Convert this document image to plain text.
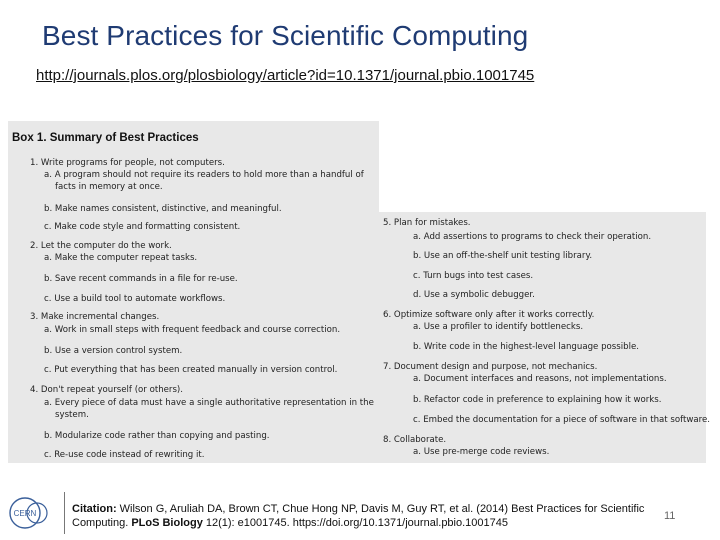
Best Practices for Scientific Computing
http://journals.plos.org/plosbiology/article?id=10.1371/journal.pbio.1001745
Box 1. Summary of Best Practices
1. Write programs for people, not computers.
a. A program should not require its readers to hold more than a handful of
facts in memory at once.
b. Make names consistent, distinctive, and meaningful.
c. Make code style and formatting consistent.
2. Let the computer do the work.
a. Make the computer repeat tasks.
b. Save recent commands in a file for re-use.
c. Use a build tool to automate workflows.
3. Make incremental changes.
a. Work in small steps with frequent feedback and course correction.
b. Use a version control system.
c. Put everything that has been created manually in version control.
4. Don't repeat yourself (or others).
a. Every piece of data must have a single authoritative representation in the
system.
b. Modularize code rather than copying and pasting.
c. Re-use code instead of rewriting it.
5. Plan for mistakes.
a. Add assertions to programs to check their operation.
b. Use an off-the-shelf unit testing library.
c. Turn bugs into test cases.
d. Use a symbolic debugger.
6. Optimize software only after it works correctly.
a. Use a profiler to identify bottlenecks.
b. Write code in the highest-level language possible.
7. Document design and purpose, not mechanics.
a. Document interfaces and reasons, not implementations.
b. Refactor code in preference to explaining how it works.
c. Embed the documentation for a piece of software in that software.
8. Collaborate.
a. Use pre-merge code reviews.
CERN	Citation: Wilson G, Aruliah DA, Brown CT, Chue Hong NP, Davis M, Guy RT, et al. (2014) Best Practices for Scientific Computing. PLoS Biology 12(1): e1001745. https://doi.org/10.1371/journal.pbio.1001745
11
